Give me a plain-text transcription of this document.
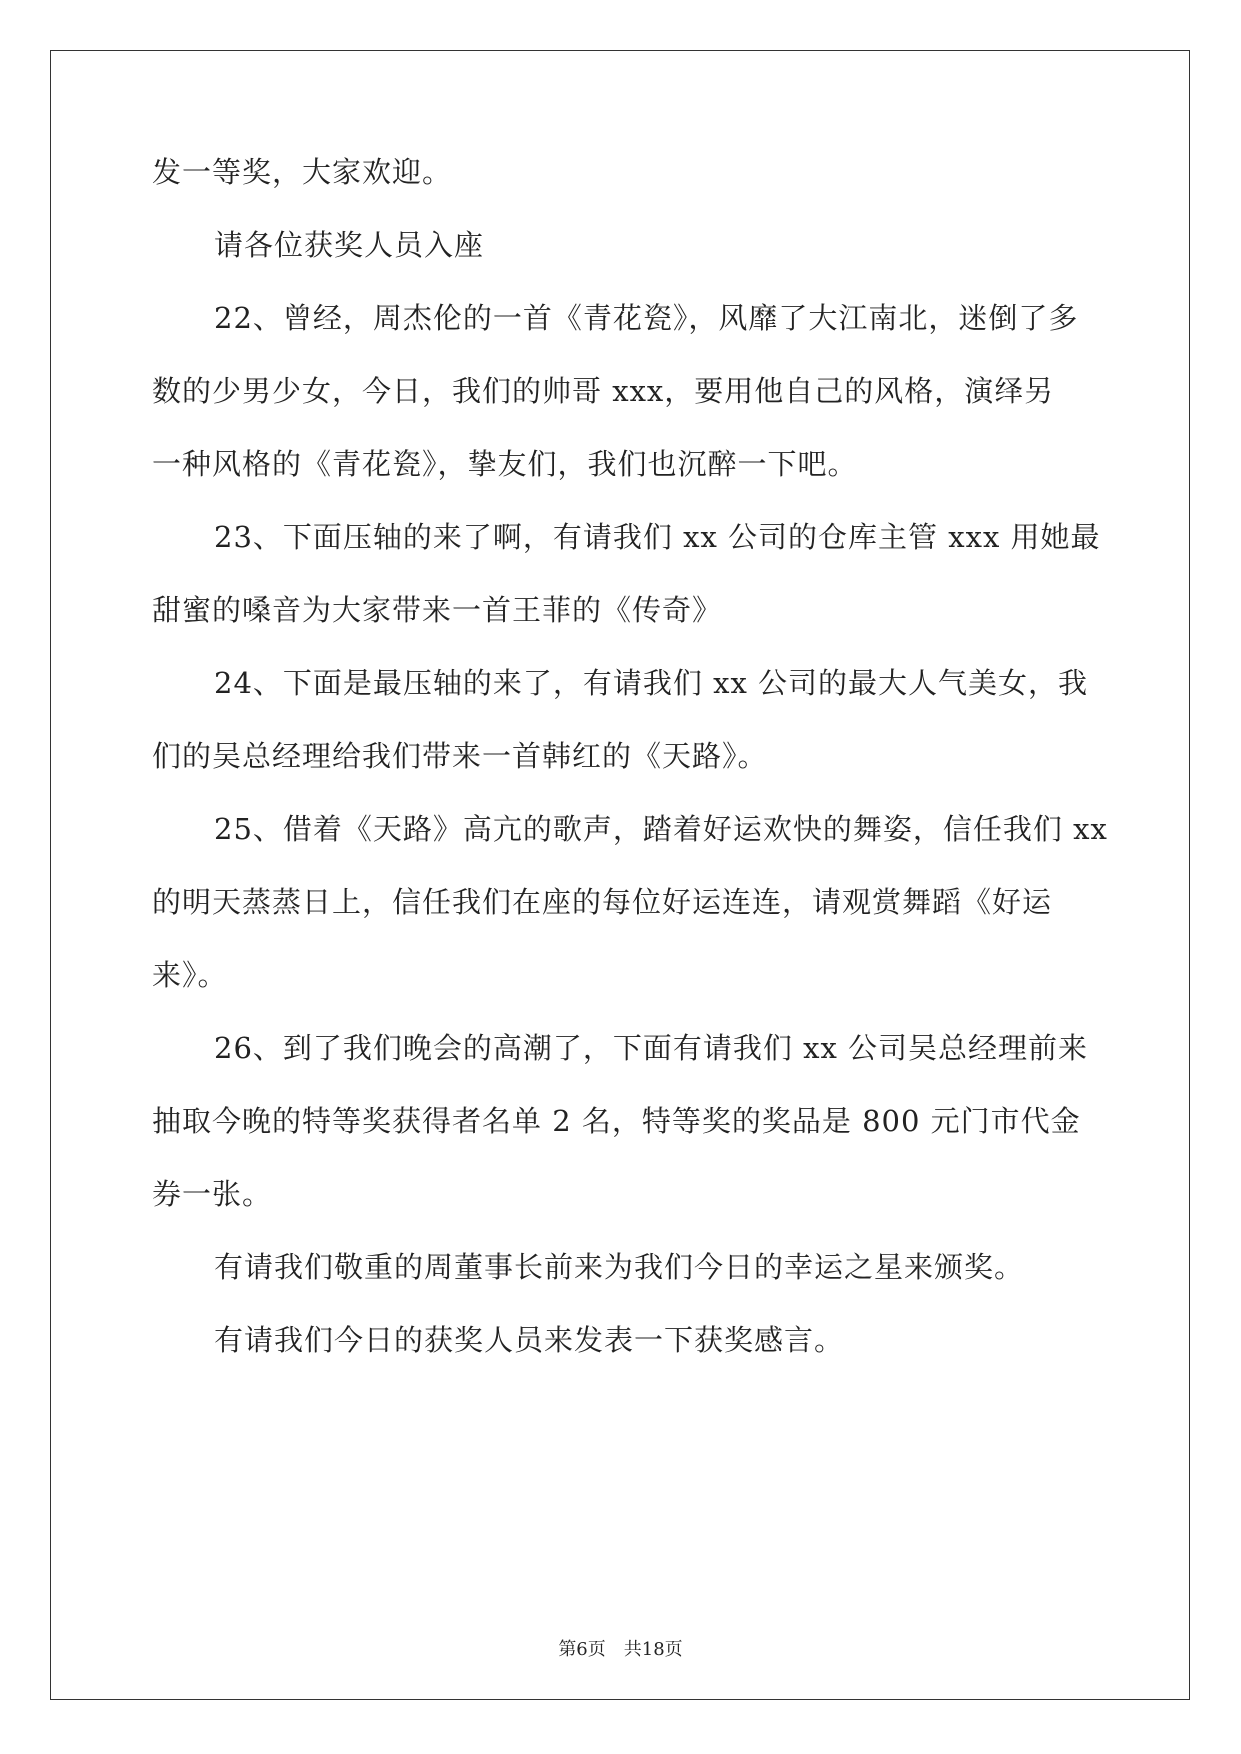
发一等奖，大家欢迎。
请各位获奖人员入座
22、曾经，周杰伦的一首《青花瓷》，风靡了大江南北，迷倒了多
数的少男少女，今日，我们的帅哥 xxx，要用他自己的风格，演绎另
一种风格的《青花瓷》，挚友们，我们也沉醉一下吧。
23、下面压轴的来了啊，有请我们 xx 公司的仓库主管 xxx 用她最
甜蜜的嗓音为大家带来一首王菲的《传奇》
24、下面是最压轴的来了，有请我们 xx 公司的最大人气美女，我
们的吴总经理给我们带来一首韩红的《天路》。
25、借着《天路》高亢的歌声，踏着好运欢快的舞姿，信任我们 xx
的明天蒸蒸日上，信任我们在座的每位好运连连，请观赏舞蹈《好运
来》。
26、到了我们晚会的高潮了，下面有请我们 xx 公司吴总经理前来
抽取今晚的特等奖获得者名单 2 名，特等奖的奖品是 800 元门市代金
券一张。
有请我们敬重的周董事长前来为我们今日的幸运之星来颁奖。
有请我们今日的获奖人员来发表一下获奖感言。
第6页 共18页
